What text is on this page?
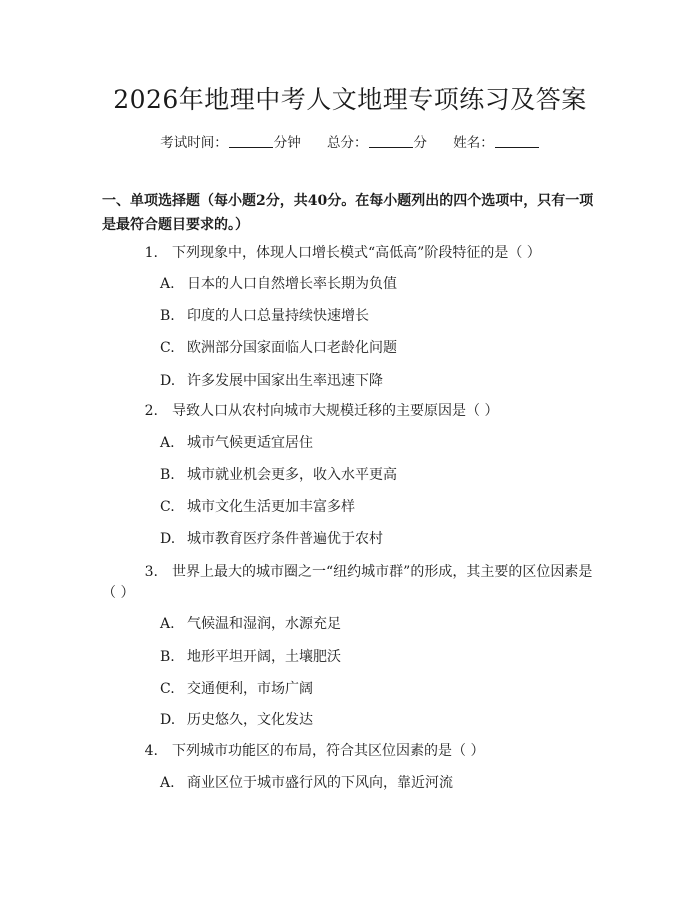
2026年地理中考人文地理专项练习及答案
考试时间：	分钟 总分：	分 姓名：
一、单项选择题（每小题2分，共40分。在每小题列出的四个选项中，只有一项是最符合题目要求的。）
1. 下列现象中，体现人口增长模式“高低高”阶段特征的是（ ）
A. 日本的人口自然增长率长期为负值
B. 印度的人口总量持续快速增长
C. 欧洲部分国家面临人口老龄化问题
D. 许多发展中国家出生率迅速下降
2. 导致人口从农村向城市大规模迁移的主要原因是（ ）
A. 城市气候更适宜居住
B. 城市就业机会更多，收入水平更高
C. 城市文化生活更加丰富多样
D. 城市教育医疗条件普遍优于农村
3. 世界上最大的城市圈之一“纽约城市群”的形成，其主要的区位因素是
（ ）
A. 气候温和湿润，水源充足
B. 地形平坦开阔，土壤肥沃
C. 交通便利，市场广阔
D. 历史悠久，文化发达
4. 下列城市功能区的布局，符合其区位因素的是（ ）
A. 商业区位于城市盛行风的下风向，靠近河流
